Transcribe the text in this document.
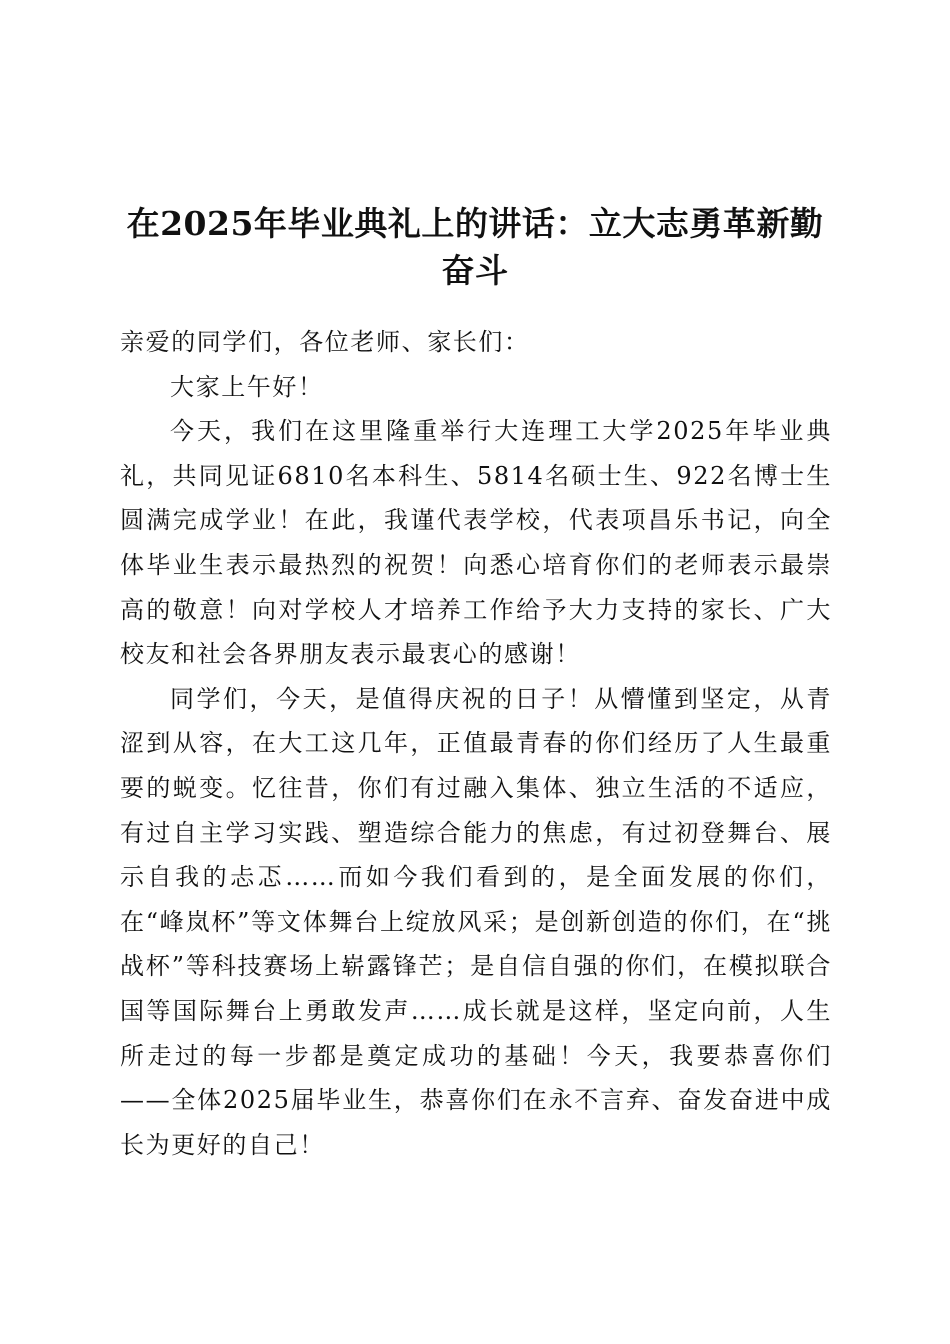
在2025年毕业典礼上的讲话：立大志勇革新勤奋斗

亲爱的同学们，各位老师、家长们：

大家上午好！

今天，我们在这里隆重举行大连理工大学2025年毕业典礼，共同见证6810名本科生、5814名硕士生、922名博士生圆满完成学业！在此，我谨代表学校，代表项昌乐书记，向全体毕业生表示最热烈的祝贺！向悉心培育你们的老师表示最崇高的敬意！向对学校人才培养工作给予大力支持的家长、广大校友和社会各界朋友表示最衷心的感谢！

同学们，今天，是值得庆祝的日子！从懵懂到坚定，从青涩到从容，在大工这几年，正值最青春的你们经历了人生最重要的蜕变。忆往昔，你们有过融入集体、独立生活的不适应，有过自主学习实践、塑造综合能力的焦虑，有过初登舞台、展示自我的忐忑……而如今我们看到的，是全面发展的你们，在“峰岚杯”等文体舞台上绽放风采；是创新创造的你们，在“挑战杯”等科技赛场上崭露锋芒；是自信自强的你们，在模拟联合国等国际舞台上勇敢发声……成长就是这样，坚定向前，人生所走过的每一步都是奠定成功的基础！今天，我要恭喜你们——全体2025届毕业生，恭喜你们在永不言弃、奋发奋进中成长为更好的自己！
